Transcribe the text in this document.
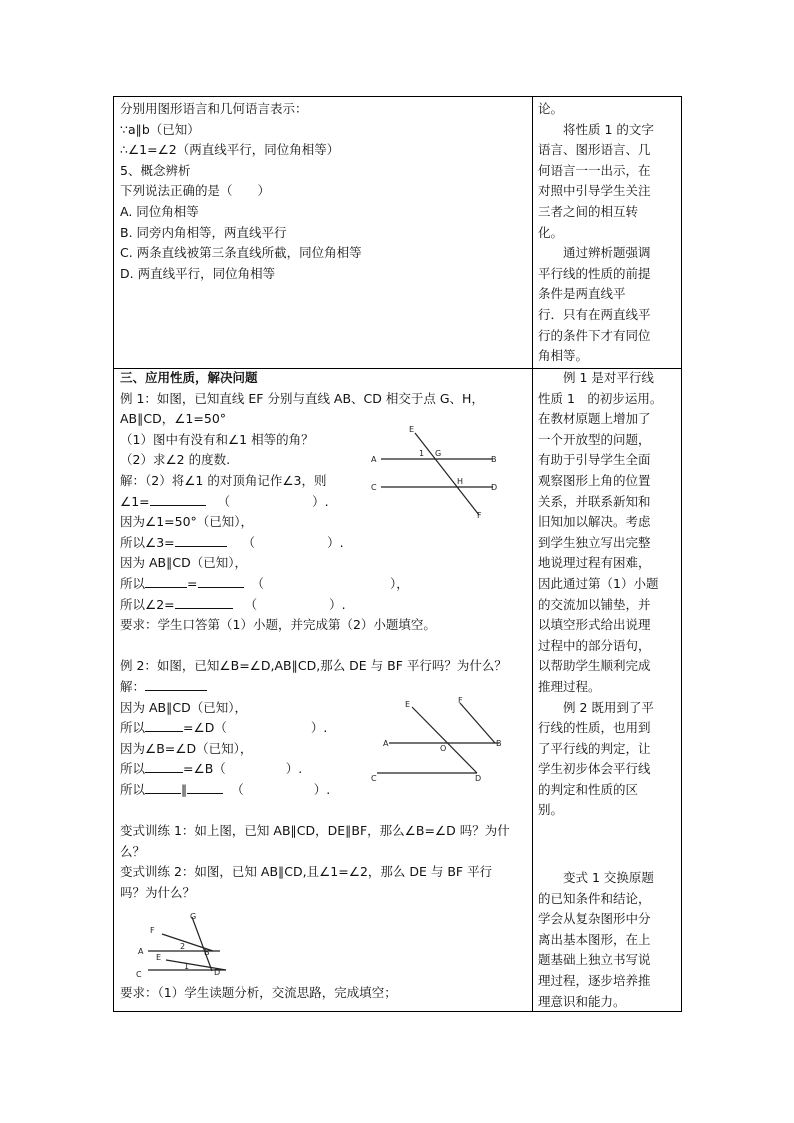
分别用图形语言和几何语言表示：
∵a∥b（已知）
∴∠1=∠2（两直线平行，同位角相等）
5、概念辨析
下列说法正确的是（　　）
A. 同位角相等
B. 同旁内角相等，两直线平行
C. 两条直线被第三条直线所截，同位角相等
D. 两直线平行，同位角相等
论。
　　将性质 1 的文字
语言、图形语言、几
何语言一一出示，在
对照中引导学生关注
三者之间的相互转
化。
　　通过辨析题强调
平行线的性质的前提
条件是两直线平
行．只有在两直线平
行的条件下才有同位
角相等。
三、应用性质，解决问题
例 1：如图，已知直线 EF 分别与直线 AB、CD 相交于点 G、H，
AB∥CD，∠1=50°
（1）图中有没有和∠1 相等的角？
（2）求∠2 的度数.
解：（2）将∠1 的对顶角记作∠3，则
∠1=	（	）.
因为∠1=50°（已知），
所以∠3=	（	）.
因为 AB∥CD（已知），
所以	=	（	），
所以∠2=	（	）.
要求：学生口答第（1）小题，并完成第（2）小题填空。
例 2：如图，已知∠B=∠D,AB∥CD,那么 DE 与 BF 平行吗？为什么？
解：
因为 AB∥CD（已知），
所以	=∠D（	）.
因为∠B=∠D（已知），
所以	=∠B（	）.
所以	∥	（	）.
变式训练 1：如上图，已知 AB∥CD，DE∥BF，那么∠B=∠D 吗？为什
么？
变式训练 2：如图，已知 AB∥CD,且∠1=∠2，那么 DE 与 BF 平行
吗？为什么？
要求：（1）学生读题分析，交流思路，完成填空；
E
A	B
C	D
F
G
H
1
E	F
A
O
B
C	D
G
F
A	B
E
C	D
1
2
　　例 1 是对平行线
性质 1　的初步运用。
在教材原题上增加了
一个开放型的问题，
有助于引导学生全面
观察图形上角的位置
关系，并联系新知和
旧知加以解决。考虑
到学生独立写出完整
地说理过程有困难，
因此通过第（1）小题
的交流加以铺垫，并
以填空形式给出说理
过程中的部分语句，
以帮助学生顺利完成
推理过程。
　　例 2 既用到了平
行线的性质，也用到
了平行线的判定，让
学生初步体会平行线
的判定和性质的区
别。
　　变式 1 交换原题
的已知条件和结论，
学会从复杂图形中分
离出基本图形，在上
题基础上独立书写说
理过程，逐步培养推
理意识和能力。
